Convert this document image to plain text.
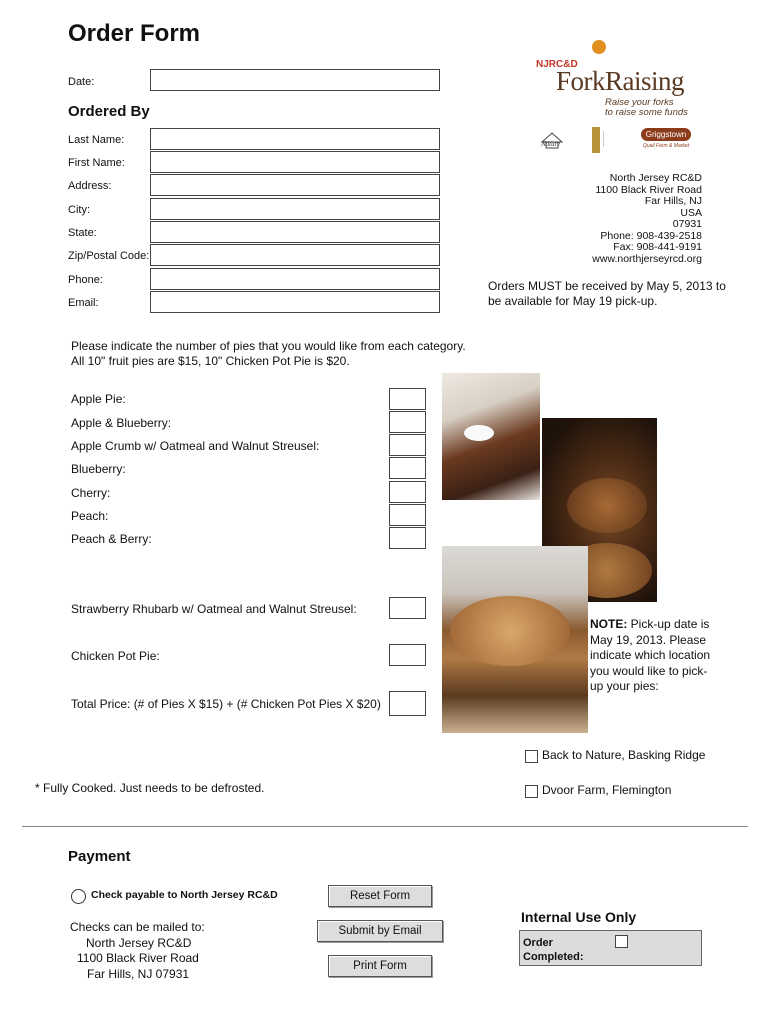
Order Form
Date:
Ordered By
Last Name:
First Name:
Address:
City:
State:
Zip/Postal Code:
Phone:
Email:
NJRC&D
ForkRaising
Raise your forks
to raise some funds
Nature
Griggstown
Quail Farm & Market
North Jersey RC&D
1100 Black River Road
Far Hills, NJ
USA
07931
Phone: 908-439-2518
Fax: 908-441-9191
www.northjerseyrcd.org
Orders MUST be received by May 5, 2013 to be available for May 19 pick-up.
Please indicate the number of pies that you would like from each category.
All 10" fruit pies are $15, 10" Chicken Pot Pie is $20.
Apple Pie:
Apple & Blueberry:
Apple Crumb w/ Oatmeal and Walnut Streusel:
Blueberry:
Cherry:
Peach:
Peach & Berry:
Strawberry Rhubarb w/ Oatmeal and Walnut Streusel:
Chicken Pot Pie:
Total Price: (# of Pies X $15) + (# Chicken Pot Pies X $20)
NOTE: Pick-up date is May 19, 2013. Please indicate which location you would like to pick-up your pies:
Back to Nature, Basking Ridge
Dvoor Farm, Flemington
* Fully Cooked. Just needs to be defrosted.
Payment
Check payable to North Jersey RC&D
Checks can be mailed to:
North Jersey RC&D
1100 Black River Road
Far Hills, NJ 07931
Reset Form
Submit by Email
Print Form
Internal Use Only
Order Completed:
